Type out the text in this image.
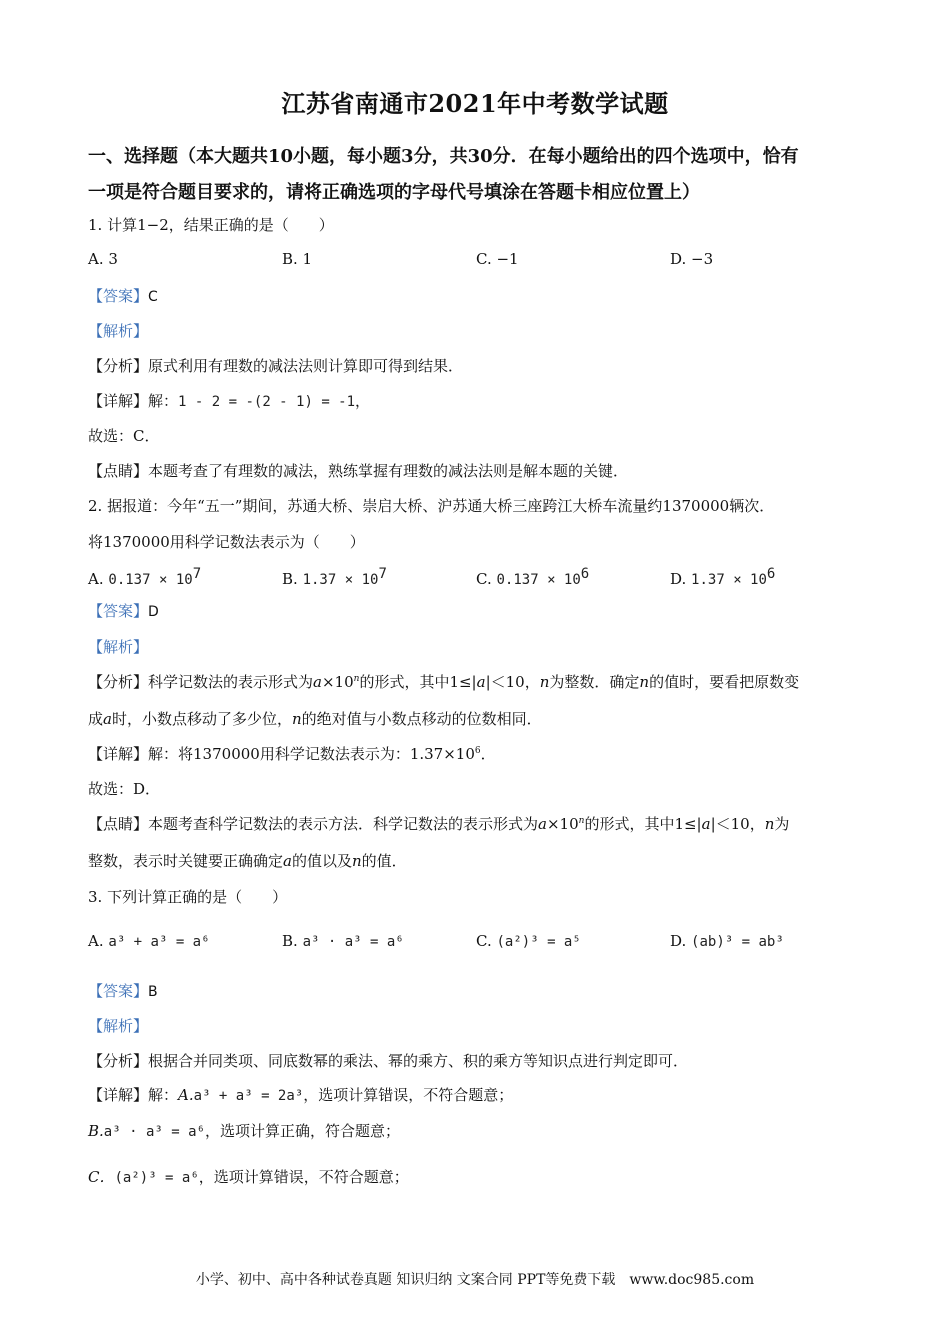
江苏省南通市2021年中考数学试题
一、选择题（本大题共10小题，每小题3分，共30分．在每小题给出的四个选项中，恰有
一项是符合题目要求的，请将正确选项的字母代号填涂在答题卡相应位置上）
1. 计算1−2，结果正确的是（　　）
A. 3	B. 1	C. −1	D. −3
【答案】C
【解析】
【分析】原式利用有理数的减法法则计算即可得到结果．
【详解】解：1 - 2 = -(2 - 1) = -1，
故选：C．
【点睛】本题考查了有理数的减法，熟练掌握有理数的减法法则是解本题的关键．
2. 据报道：今年“五一”期间，苏通大桥、崇启大桥、沪苏通大桥三座跨江大桥车流量约1370000辆次．
将1370000用科学记数法表示为（　　）
A. $0.137 \times 10^7$	B. $1.37 \times 10^7$	C. $0.137 \times 10^6$	D. $1.37 \times 10^6$
【答案】D
【解析】
【分析】科学记数法的表示形式为$a\times 10^n$的形式，其中1≤|a|＜10，n为整数．确定n的值时，要看把原数变
成a时，小数点移动了多少位，n的绝对值与小数点移动的位数相同．
【详解】解：将1370000用科学记数法表示为：$1.37\times 10^6$．
故选：D．
【点睛】本题考查科学记数法的表示方法．科学记数法的表示形式为$a\times 10^n$的形式，其中1≤|a|＜10，n为
整数，表示时关键要正确确定a的值以及n的值．
3. 下列计算正确的是（　　）
A. a³ + a³ = a⁶	B. a³ · a³ = a⁶	C. (a²)³ = a⁵	D. (ab)³ = ab³
【答案】B
【解析】
【分析】根据合并同类项、同底数幂的乘法、幂的乘方、积的乘方等知识点进行判定即可．
【详解】解：A.a³ + a³ = 2a³，选项计算错误，不符合题意；
B.a³ · a³ = a⁶，选项计算正确，符合题意；
C．(a²)³ = a⁶，选项计算错误，不符合题意；
小学、初中、高中各种试卷真题 知识归纳 文案合同 PPT等免费下载　www.doc985.com
